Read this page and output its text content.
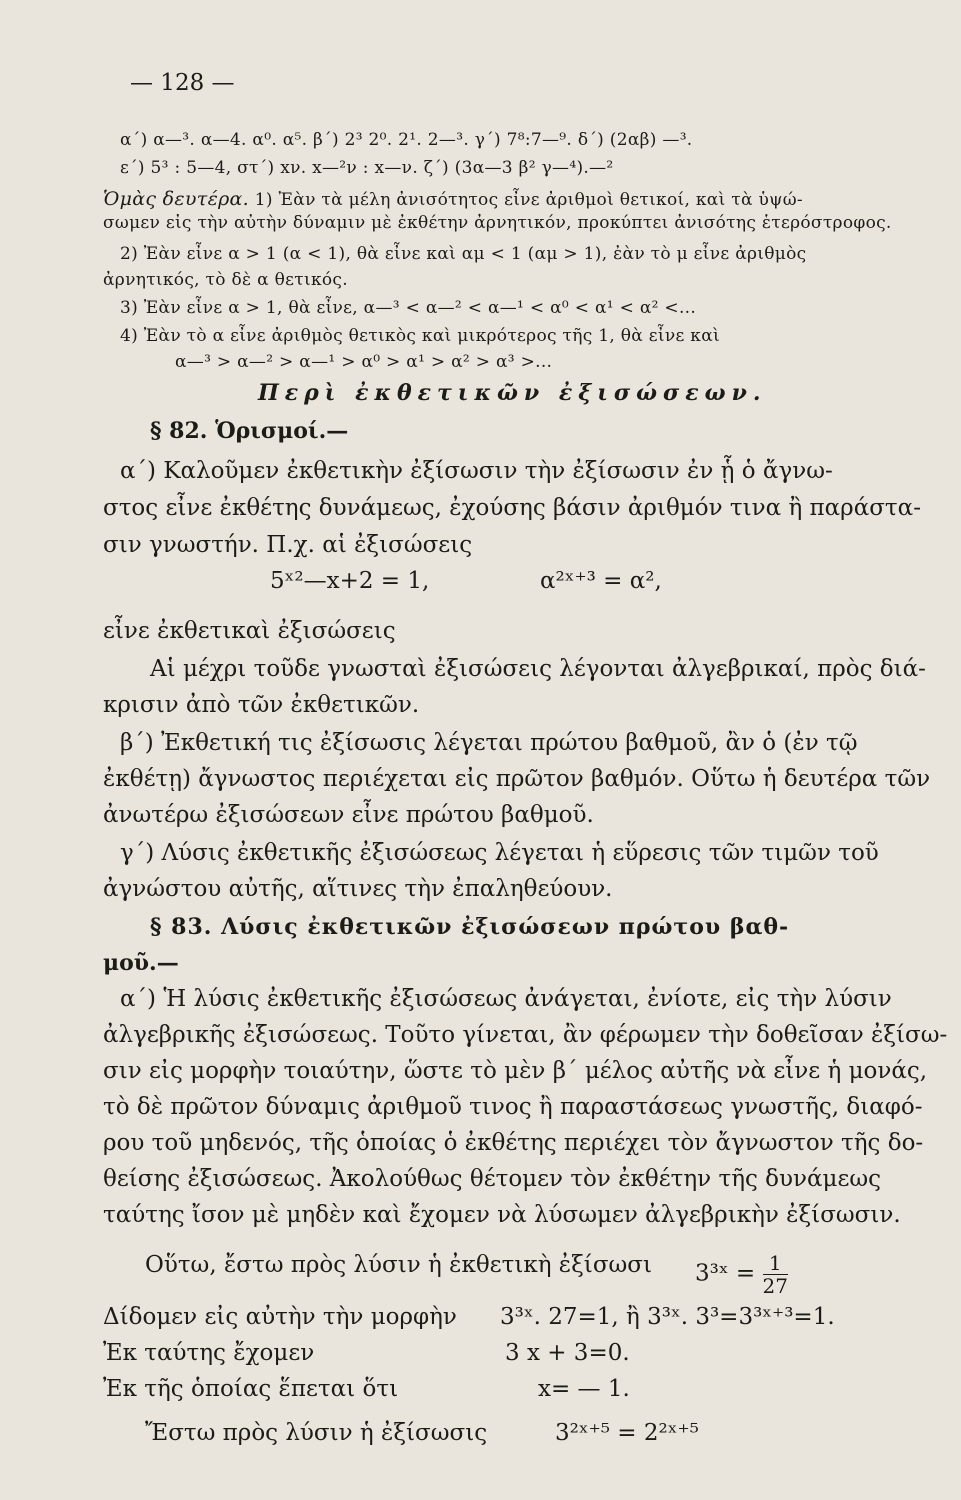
— 128 —
α΄) α—³. α—4. α⁰. α⁵. β΄) 2³ 2⁰. 2¹. 2—³. γ΄) 7⁸:7—⁹. δ΄) (2αβ) —³.
ε΄) 5³ : 5—4, στ΄) xν. x—²ν : x—ν. ζ΄) (3α—3 β² γ—⁴).—²
Ὁμὰς δευτέρα. 1) Ἐὰν τὰ μέλη ἀνισότητος εἶνε ἀριθμοὶ θετικοί, καὶ τὰ ὑψώ-
σωμεν εἰς τὴν αὐτὴν δύναμιν μὲ ἐκθέτην ἀρνητικόν, προκύπτει ἀνισότης ἑτερόστροφος.
2) Ἐὰν εἶνε α > 1 (α < 1), θὰ εἶνε καὶ αμ < 1 (αμ > 1), ἐὰν τὸ μ εἶνε ἀριθμὸς
ἀρνητικός, τὸ δὲ α θετικός.
3) Ἐὰν εἶνε α > 1, θὰ εἶνε, α—³ < α—² < α—¹ < α⁰ < α¹ < α² <...
4) Ἐὰν τὸ α εἶνε ἀριθμὸς θετικὸς καὶ μικρότερος τῆς 1, θὰ εἶνε καὶ
α—³ > α—² > α—¹ > α⁰ > α¹ > α² > α³ >...
Περὶ ἐκθετικῶν ἐξισώσεων.
§ 82. Ὁρισμοί.—
α΄) Καλοῦμεν ἐκθετικὴν ἐξίσωσιν τὴν ἐξίσωσιν ἐν ᾗ ὁ ἄγνω-
στος εἶνε ἐκθέτης δυνάμεως, ἐχούσης βάσιν ἀριθμόν τινα ἢ παράστα-
σιν γνωστήν. Π.χ. αἱ ἐξισώσεις
5ˣ²—x+2 = 1,	α²ˣ⁺³ = α²,
εἶνε ἐκθετικαὶ ἐξισώσεις
Αἱ μέχρι τοῦδε γνωσταὶ ἐξισώσεις λέγονται ἀλγεβρικαί, πρὸς διά-
κρισιν ἀπὸ τῶν ἐκθετικῶν.
β΄) Ἐκθετική τις ἐξίσωσις λέγεται πρώτου βαθμοῦ, ἂν ὁ (ἐν τῷ
ἐκθέτῃ) ἄγνωστος περιέχεται εἰς πρῶτον βαθμόν. Οὕτω ἡ δευτέρα τῶν
ἀνωτέρω ἐξισώσεων εἶνε πρώτου βαθμοῦ.
γ΄) Λύσις ἐκθετικῆς ἐξισώσεως λέγεται ἡ εὕρεσις τῶν τιμῶν τοῦ
ἀγνώστου αὐτῆς, αἵτινες τὴν ἐπαληθεύουν.
§ 83. Λύσις ἐκθετικῶν ἐξισώσεων πρώτου βαθ-
μοῦ.—
α΄) Ἡ λύσις ἐκθετικῆς ἐξισώσεως ἀνάγεται, ἐνίοτε, εἰς τὴν λύσιν
ἀλγεβρικῆς ἐξισώσεως. Τοῦτο γίνεται, ἂν φέρωμεν τὴν δοθεῖσαν ἐξίσω-
σιν εἰς μορφὴν τοιαύτην, ὥστε τὸ μὲν β΄ μέλος αὐτῆς νὰ εἶνε ἡ μονάς,
τὸ δὲ πρῶτον δύναμις ἀριθμοῦ τινος ἢ παραστάσεως γνωστῆς, διαφό-
ρου τοῦ μηδενός, τῆς ὁποίας ὁ ἐκθέτης περιέχει τὸν ἄγνωστον τῆς δο-
θείσης ἐξισώσεως. Ἀκολούθως θέτομεν τὸν ἐκθέτην τῆς δυνάμεως
ταύτης ἴσον μὲ μηδὲν καὶ ἔχομεν νὰ λύσωμεν ἀλγεβρικὴν ἐξίσωσιν.
Οὕτω, ἔστω πρὸς λύσιν ἡ ἐκθετικὴ ἐξίσωσι 3³ˣ = $\frac{1}{27}$
Δίδομεν εἰς αὐτὴν τὴν μορφὴν 3³ˣ. 27=1, ἢ 3³ˣ. 3³=3³ˣ⁺³=1.
Ἐκ ταύτης ἔχομεν	3 x + 3=0.
Ἐκ τῆς ὁποίας ἕπεται ὅτι	x= — 1.
Ἔστω πρὸς λύσιν ἡ ἐξίσωσις	3²ˣ⁺⁵ = 2²ˣ⁺⁵
